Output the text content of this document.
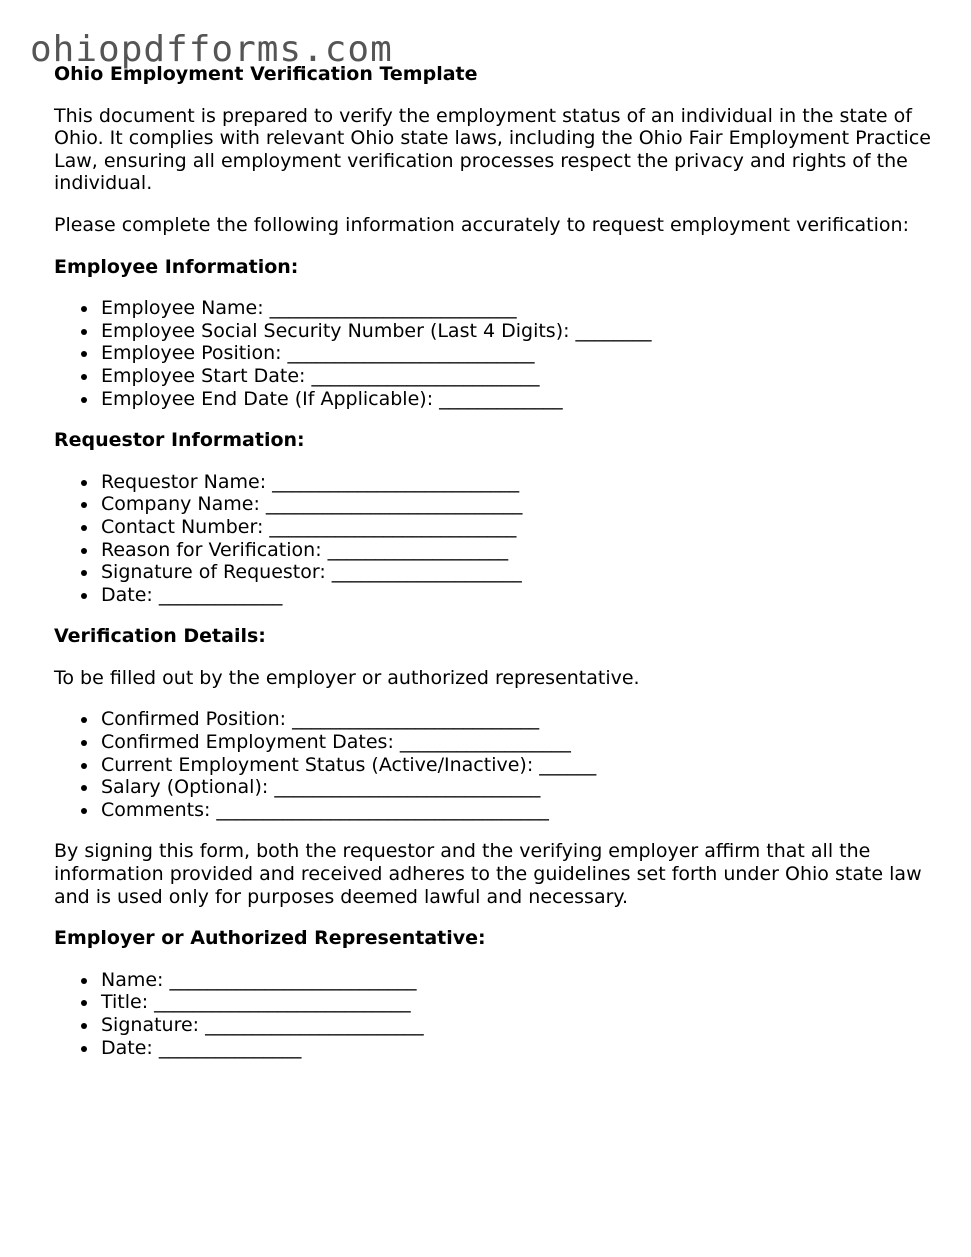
ohiopdfforms.com
Ohio Employment Verification Template

This document is prepared to verify the employment status of an individual in the state of Ohio. It complies with relevant Ohio state laws, including the Ohio Fair Employment Practice Law, ensuring all employment verification processes respect the privacy and rights of the individual.

Please complete the following information accurately to request employment verification:

Employee Information:
Employee Name: __________________________
Employee Social Security Number (Last 4 Digits): ________
Employee Position: __________________________
Employee Start Date: ________________________
Employee End Date (If Applicable): _____________
Requestor Information:
Requestor Name: __________________________
Company Name: ___________________________
Contact Number: __________________________
Reason for Verification: ___________________
Signature of Requestor: ____________________
Date: _____________
Verification Details:

To be filled out by the employer or authorized representative.

Confirmed Position: __________________________
Confirmed Employment Dates: __________________
Current Employment Status (Active/Inactive): ______
Salary (Optional): ____________________________
Comments: ___________________________________

By signing this form, both the requestor and the verifying employer affirm that all the information provided and received adheres to the guidelines set forth under Ohio state law and is used only for purposes deemed lawful and necessary.

Employer or Authorized Representative:
Name: __________________________
Title: ___________________________
Signature: _______________________
Date: _______________
